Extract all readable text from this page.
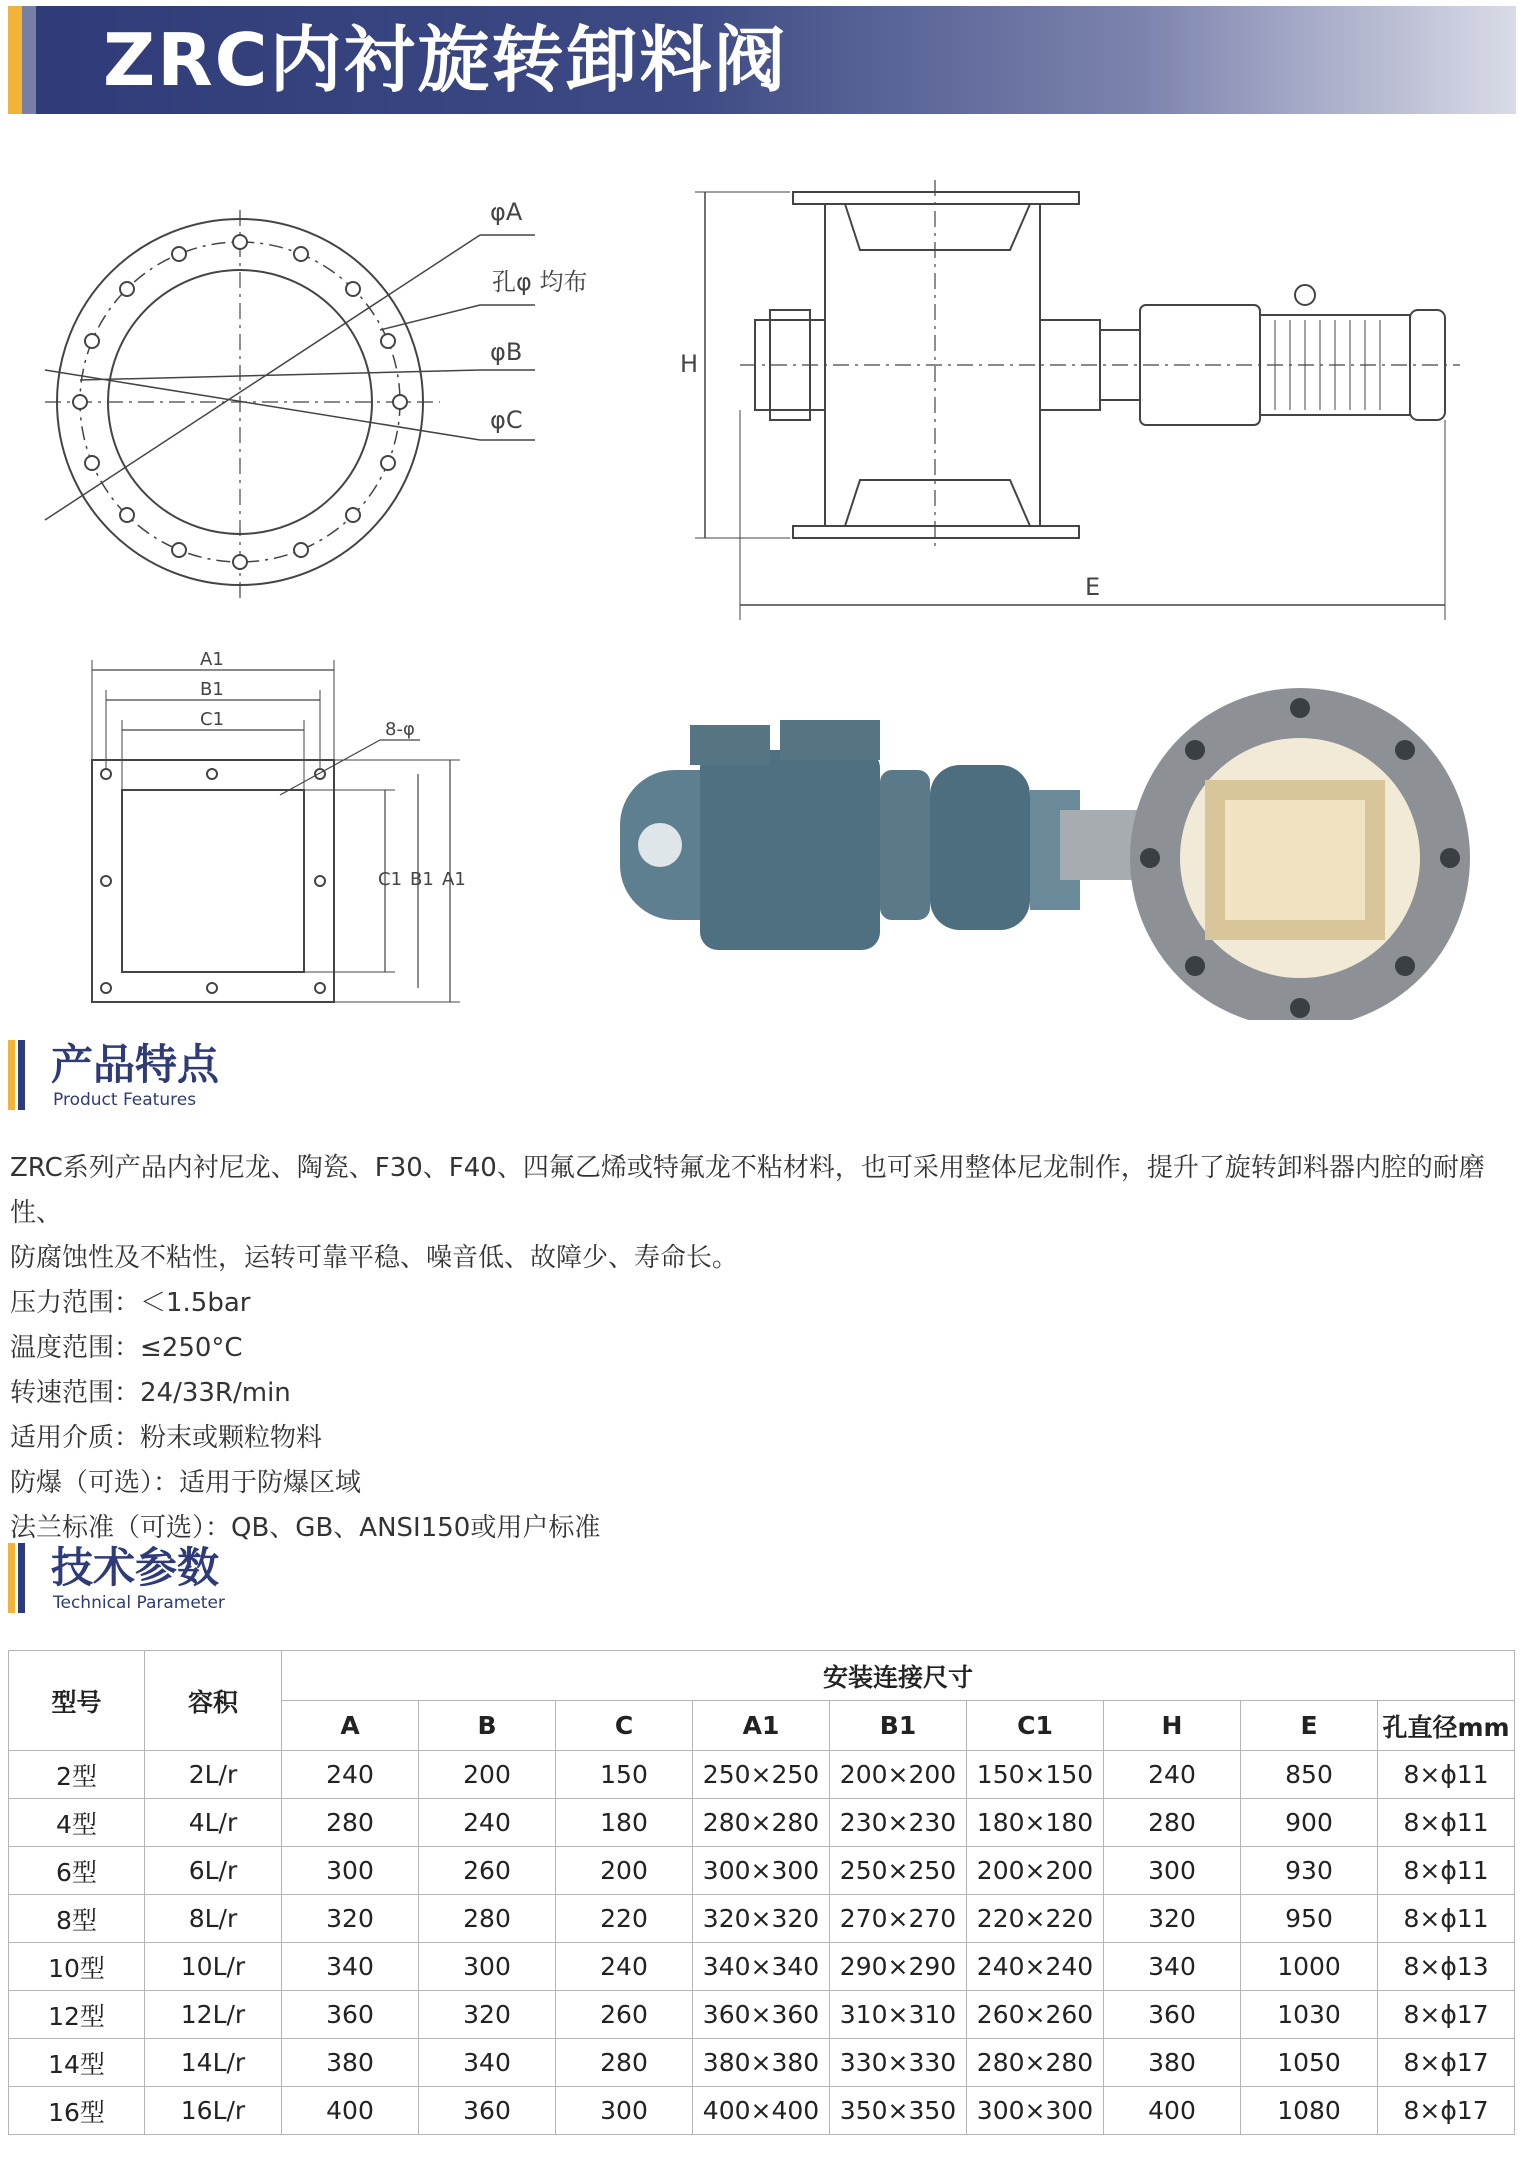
ZRC内衬旋转卸料阀
φA
孔φ 均布
φB
φC
H
E
A1
B1
C1	8-φ
C1 B1 A1
产品特点
Product Features

ZRC系列产品内衬尼龙、陶瓷、F30、F40、四氟乙烯或特氟龙不粘材料，也可采用整体尼龙制作，提升了旋转卸料器内腔的耐磨性、

防腐蚀性及不粘性，运转可靠平稳、噪音低、故障少、寿命长。

压力范围：＜1.5bar

温度范围：≤250°C

转速范围：24/33R/min

适用介质：粉末或颗粒物料

防爆（可选）：适用于防爆区域

法兰标准（可选）：QB、GB、ANSI150或用户标准

技术参数
Technical Parameter
型号	容积	安装连接尺寸								
		A	B	C	A1	B1	C1	H	E	孔直径mm
2型	2L/r	240	200	150	250×250	200×200	150×150	240	850	8×ϕ11
4型	4L/r	280	240	180	280×280	230×230	180×180	280	900	8×ϕ11
6型	6L/r	300	260	200	300×300	250×250	200×200	300	930	8×ϕ11
8型	8L/r	320	280	220	320×320	270×270	220×220	320	950	8×ϕ11
10型	10L/r	340	300	240	340×340	290×290	240×240	340	1000	8×ϕ13
12型	12L/r	360	320	260	360×360	310×310	260×260	360	1030	8×ϕ17
14型	14L/r	380	340	280	380×380	330×330	280×280	380	1050	8×ϕ17
16型	16L/r	400	360	300	400×400	350×350	300×300	400	1080	8×ϕ17
